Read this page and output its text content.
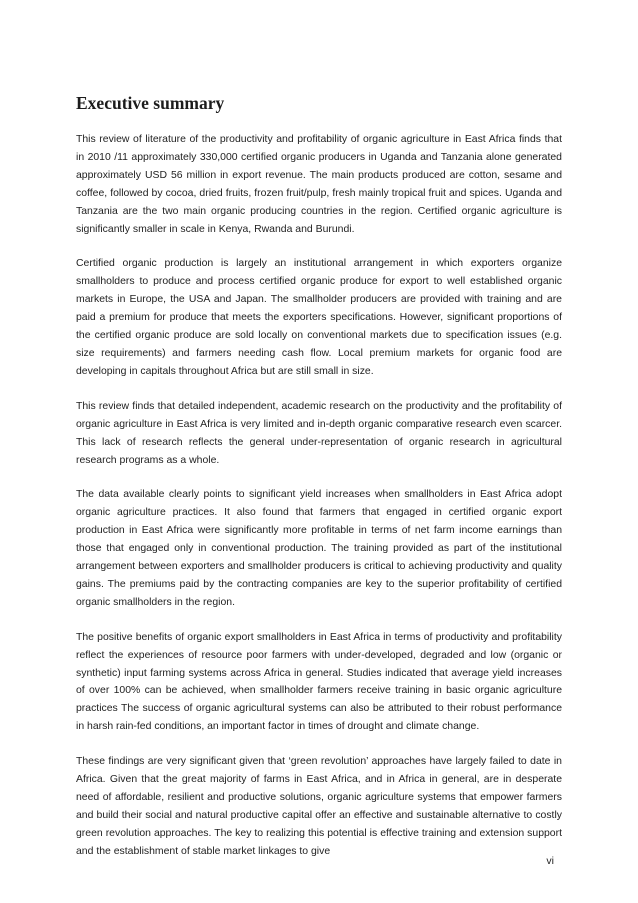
Executive summary

This review of literature of the productivity and profitability of organic agriculture in East Africa finds that in 2010 /11 approximately 330,000 certified organic producers in Uganda and Tanzania alone generated approximately USD 56 million in export revenue. The main products produced are cotton, sesame and coffee, followed by cocoa, dried fruits, frozen fruit/pulp, fresh mainly tropical fruit and spices. Uganda and Tanzania are the two main organic producing countries in the region. Certified organic agriculture is significantly smaller in scale in Kenya, Rwanda and Burundi.

Certified organic production is largely an institutional arrangement in which exporters organize smallholders to produce and process certified organic produce for export to well established organic markets in Europe, the USA and Japan. The smallholder producers are provided with training and are paid a premium for produce that meets the exporters specifications. However, significant proportions of the certified organic produce are sold locally on conventional markets due to specification issues (e.g. size requirements) and farmers needing cash flow. Local premium markets for organic food are developing in capitals throughout Africa but are still small in size.

This review finds that detailed independent, academic research on the productivity and the profitability of organic agriculture in East Africa is very limited and in-depth organic comparative research even scarcer. This lack of research reflects the general under-representation of organic research in agricultural research programs as a whole.

The data available clearly points to significant yield increases when smallholders in East Africa adopt organic agriculture practices. It also found that farmers that engaged in certified organic export production in East Africa were significantly more profitable in terms of net farm income earnings than those that engaged only in conventional production. The training provided as part of the institutional arrangement between exporters and smallholder producers is critical to achieving productivity and quality gains. The premiums paid by the contracting companies are key to the superior profitability of certified organic smallholders in the region.

The positive benefits of organic export smallholders in East Africa in terms of productivity and profitability reflect the experiences of resource poor farmers with under-developed, degraded and low (organic or synthetic) input farming systems across Africa in general. Studies indicated that average yield increases of over 100% can be achieved, when smallholder farmers receive training in basic organic agriculture practices The success of organic agricultural systems can also be attributed to their robust performance in harsh rain-fed conditions, an important factor in times of drought and climate change.

These findings are very significant given that ‘green revolution’ approaches have largely failed to date in Africa. Given that the great majority of farms in East Africa, and in Africa in general, are in desperate need of affordable, resilient and productive solutions, organic agriculture systems that empower farmers and build their social and natural productive capital offer an effective and sustainable alternative to costly green revolution approaches. The key to realizing this potential is effective training and extension support and the establishment of stable market linkages to give

vi
